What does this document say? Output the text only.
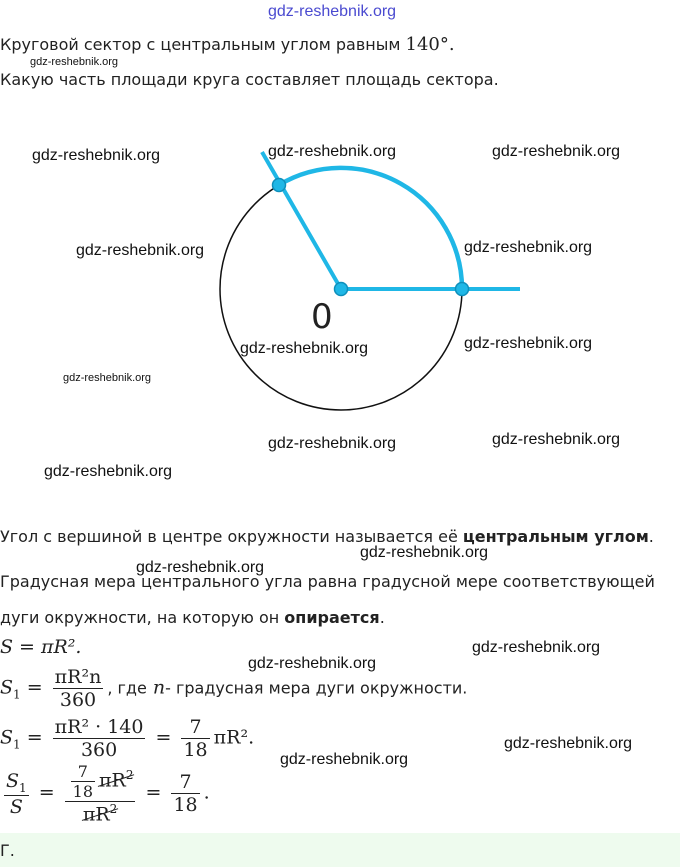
gdz-reshebnik.org
Круговой сектор с центральным углом равным 140°.
gdz-reshebnik.org
Какую часть площади круга составляет площадь сектора.
0
gdz-reshebnik.org	gdz-reshebnik.org	gdz-reshebnik.org
gdz-reshebnik.org	gdz-reshebnik.org
gdz-reshebnik.org	gdz-reshebnik.org
gdz-reshebnik.org
gdz-reshebnik.org	gdz-reshebnik.org
gdz-reshebnik.org
Угол с вершиной в центре окружности называется её центральным углом.
gdz-reshebnik.org
gdz-reshebnik.org
Градусная мера центрального угла равна градусной мере соответствующей
дуги окружности, на которую он опирается.
S = πR².
gdz-reshebnik.org
gdz-reshebnik.org
$S_1 = \frac{\text{πR²n}}{360}$ , где n- градусная мера дуги окружности.
$S_1 = \frac{\text{πR² · 140}}{360} = \frac{7}{18} \pi R^2$.	gdz-reshebnik.org
gdz-reshebnik.org
$\frac{S_1}{S} = \frac{\frac{7}{18} \pi R^2}{\pi R^2} = \frac{7}{18}$ .
Г.
